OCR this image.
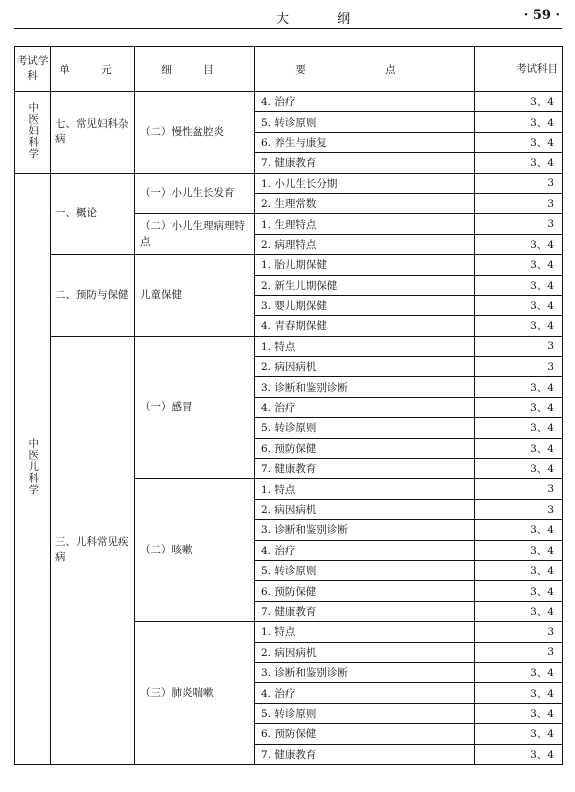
大 纲	· 59 ·
考试学科	单 元	细 目	要 点	考试科目
中医妇科学	七、常见妇科杂病	（二）慢性盆腔炎	4. 治疗	3、4
			5. 转诊原则	3、4
			6. 养生与康复	3、4
			7. 健康教育	3、4
中医儿科学	一、概论	（一）小儿生长发育	1. 小儿生长分期	3
			2. 生理常数	3
		（二）小儿生理病理特点	1. 生理特点	3
			2. 病理特点	3、4
	二、预防与保健	儿童保健	1. 胎儿期保健	3、4
			2. 新生儿期保健	3、4
			3. 婴儿期保健	3、4
			4. 青春期保健	3、4
	三、儿科常见疾病	（一）感冒	1. 特点	3
			2. 病因病机	3
			3. 诊断和鉴别诊断	3、4
			4. 治疗	3、4
			5. 转诊原则	3、4
			6. 预防保健	3、4
			7. 健康教育	3、4
		（二）咳嗽	1. 特点	3
			2. 病因病机	3
			3. 诊断和鉴别诊断	3、4
			4. 治疗	3、4
			5. 转诊原则	3、4
			6. 预防保健	3、4
			7. 健康教育	3、4
		（三）肺炎喘嗽	1. 特点	3
			2. 病因病机	3
			3. 诊断和鉴别诊断	3、4
			4. 治疗	3、4
			5. 转诊原则	3、4
			6. 预防保健	3、4
			7. 健康教育	3、4
